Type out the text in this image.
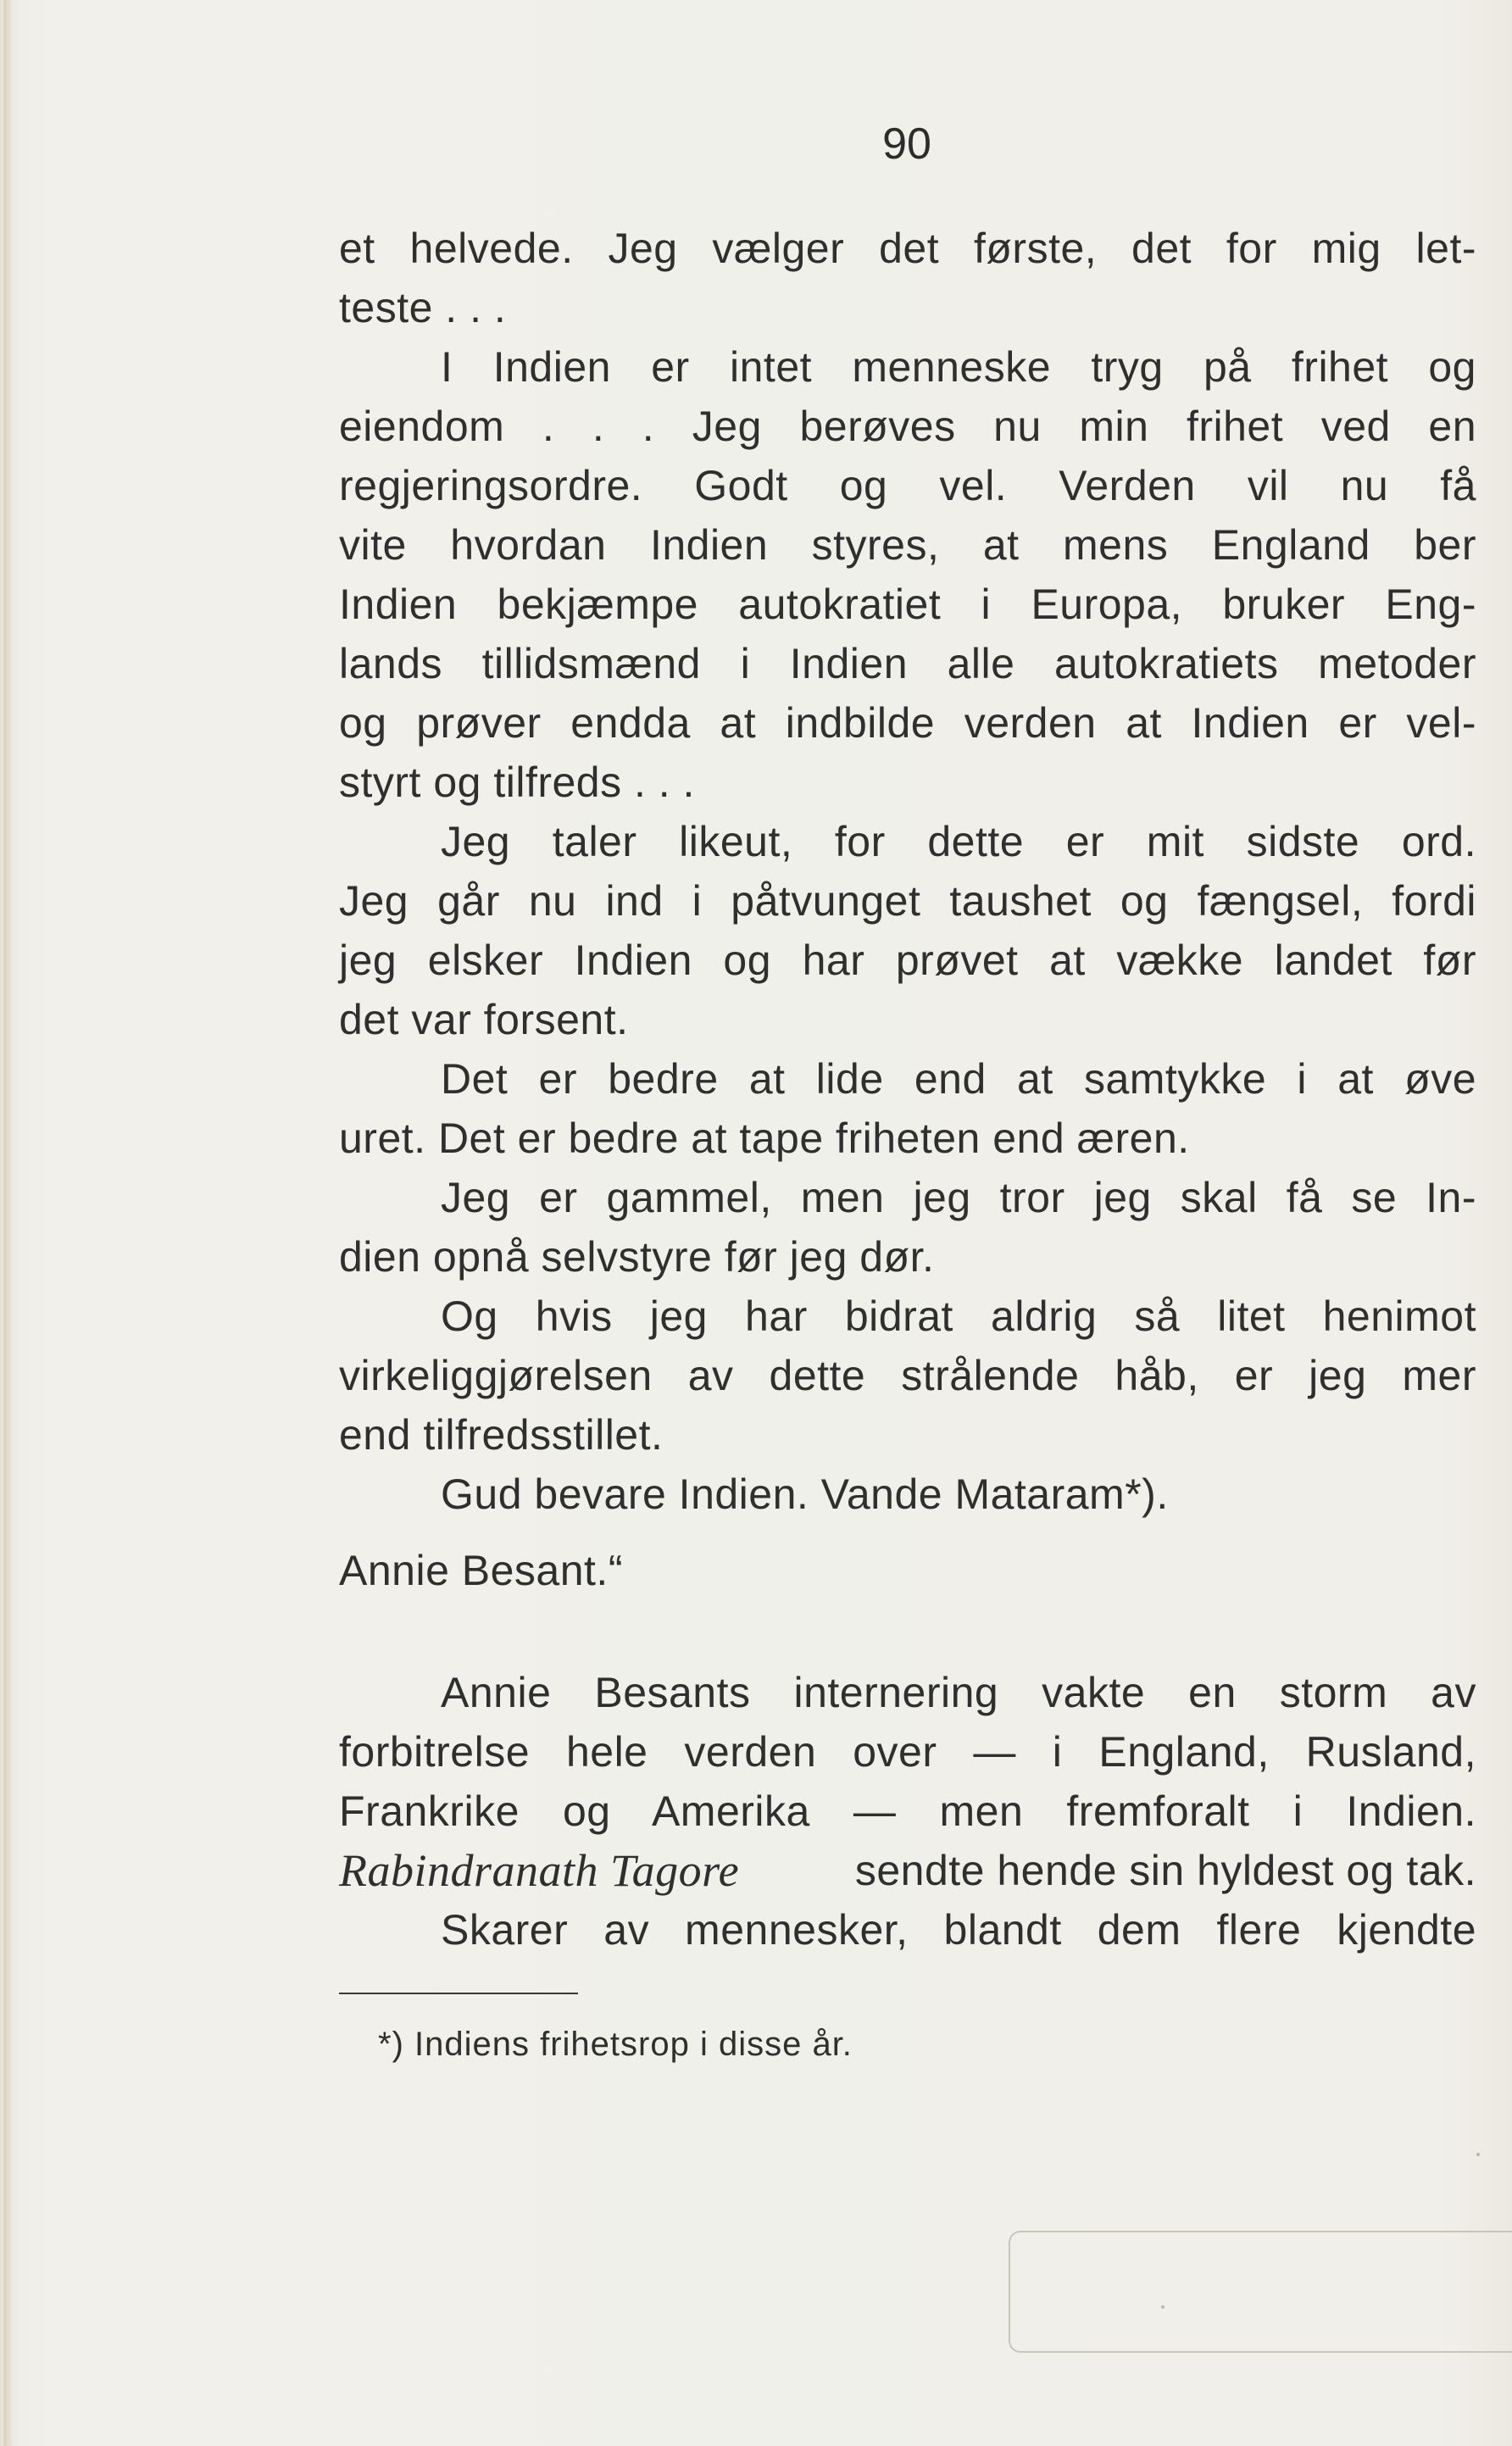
90
et helvede. Jeg vælger det første, det for mig let-
teste . . .
I Indien er intet menneske tryg på frihet og
eiendom . . . Jeg berøves nu min frihet ved en
regjeringsordre. Godt og vel. Verden vil nu få
vite hvordan Indien styres, at mens England ber
Indien bekjæmpe autokratiet i Europa, bruker Eng-
lands tillidsmænd i Indien alle autokratiets metoder
og prøver endda at indbilde verden at Indien er vel-
styrt og tilfreds . . .
Jeg taler likeut, for dette er mit sidste ord.
Jeg går nu ind i påtvunget taushet og fængsel, fordi
jeg elsker Indien og har prøvet at vække landet før
det var forsent.
Det er bedre at lide end at samtykke i at øve
uret. Det er bedre at tape friheten end æren.
Jeg er gammel, men jeg tror jeg skal få se In-
dien opnå selvstyre før jeg dør.
Og hvis jeg har bidrat aldrig så litet henimot
virkeliggjørelsen av dette strålende håb, er jeg mer
end tilfredsstillet.
Gud bevare Indien. Vande Mataram*).
Annie Besant.“
Annie Besants internering vakte en storm av
forbitrelse hele verden over — i England, Rusland,
Frankrike og Amerika — men fremforalt i Indien.
Rabindranath Tagore	sendte hende sin hyldest og tak.
Skarer av mennesker, blandt dem flere kjendte
*) Indiens frihetsrop i disse år.
